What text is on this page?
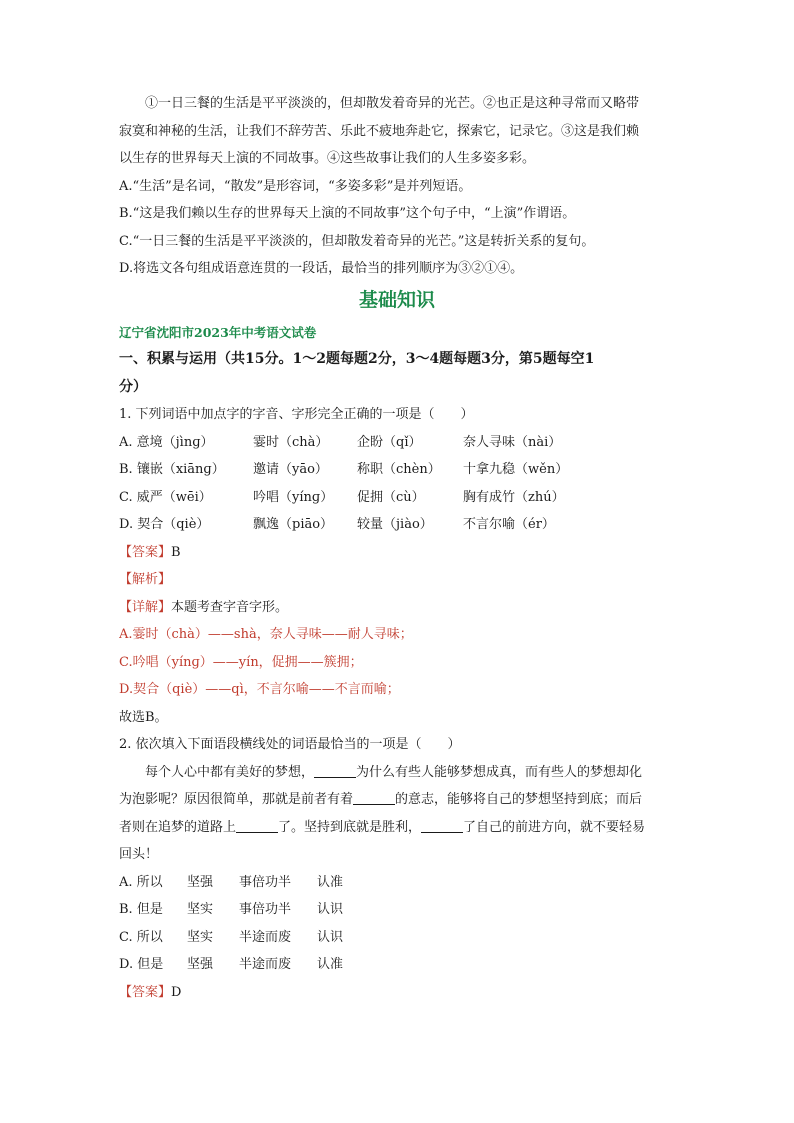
①一日三餐的生活是平平淡淡的，但却散发着奇异的光芒。②也正是这种寻常而又略带
寂寞和神秘的生活，让我们不辞劳苦、乐此不疲地奔赴它，探索它，记录它。③这是我们赖
以生存的世界每天上演的不同故事。④这些故事让我们的人生多姿多彩。
A.“生活”是名词，“散发”是形容词，“多姿多彩”是并列短语。
B.“这是我们赖以生存的世界每天上演的不同故事”这个句子中，“上演”作谓语。
C.“一日三餐的生活是平平淡淡的，但却散发着奇异的光芒。”这是转折关系的复句。
D.将选文各句组成语意连贯的一段话，最恰当的排列顺序为③②①④。
基础知识
辽宁省沈阳市2023年中考语文试卷
一、积累与运用（共15分。1～2题每题2分，3～4题每题3分，第5题每空1
分）
1. 下列词语中加点字的字音、字形完全正确的一项是（　　）
A. 意境（jìnɡ）	霎时（chà） 企盼（qǐ）	奈人寻味（nài）
B. 镶嵌（xiānɡ） 邀请（yāo） 称职（chèn） 十拿九稳（wěn）
C. 威严（wēi）	吟唱（yínɡ） 促拥（cù）	胸有成竹（zhú）
D. 契合（qiè）	飘逸（piāo） 较量（jiào） 不言尔喻（ér）
【答案】B
【解析】
【详解】本题考查字音字形。
A.霎时（chà）——shà，奈人寻味——耐人寻味；
C.吟唱（yínɡ）——yín，促拥——簇拥；
D.契合（qiè）——qì，不言尔喻——不言而喻；
故选B。
2. 依次填入下面语段横线处的词语最恰当的一项是（　　）
每个人心中都有美好的梦想，	为什么有些人能够梦想成真，而有些人的梦想却化
为泡影呢？原因很简单，那就是前者有着	的意志，能够将自己的梦想坚持到底；而后
者则在追梦的道路上	了。坚持到底就是胜利，	了自己的前进方向，就不要轻易
回头！
A. 所以 坚强 事倍功半 认准
B. 但是 坚实 事倍功半 认识
C. 所以 坚实 半途而废 认识
D. 但是 坚强 半途而废 认准
【答案】D
